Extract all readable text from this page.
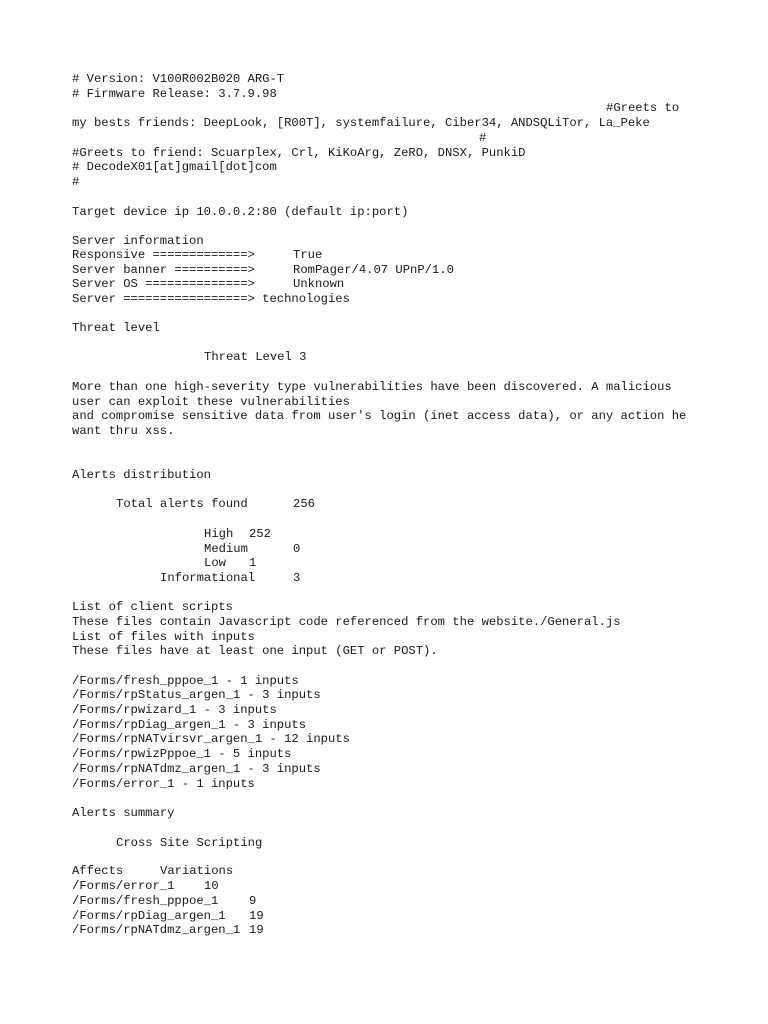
# Version: V100R002B020 ARG-T
# Firmware Release: 3.7.9.98
#Greets to
my bests friends: DeepLook, [R00T], systemfailure, Ciber34, ANDSQLiTor, La_Peke
#
#Greets to friend: Scuarplex, Crl, KiKoArg, ZeRO, DNSX, PunkiD
# DecodeX01[at]gmail[dot]com
#
Target device ip 10.0.0.2:80 (default ip:port)
Server information
Responsive =============>	True
Server banner ==========>	RomPager/4.07 UPnP/1.0
Server OS ==============>	Unknown
Server =================> technologies
Threat level
Threat Level 3
More than one high-severity type vulnerabilities have been discovered. A malicious user can exploit these vulnerabilities
and compromise sensitive data from user's login (inet access data), or any action he want thru xss.
Alerts distribution
Total alerts found	256
High 252
Medium	0
Low 1
Informational	3
List of client scripts
These files contain Javascript code referenced from the website./General.js
List of files with inputs
These files have at least one input (GET or POST).
/Forms/fresh_pppoe_1 - 1 inputs
/Forms/rpStatus_argen_1 - 3 inputs
/Forms/rpwizard_1 - 3 inputs
/Forms/rpDiag_argen_1 - 3 inputs
/Forms/rpNATvirsvr_argen_1 - 12 inputs
/Forms/rpwizPppoe_1 - 5 inputs
/Forms/rpNATdmz_argen_1 - 3 inputs
/Forms/error_1 - 1 inputs
Alerts summary
Cross Site Scripting
Affects	Variations
/Forms/error_1 10
/Forms/fresh_pppoe_1	9
/Forms/rpDiag_argen_1 19
/Forms/rpNATdmz_argen_1 19
